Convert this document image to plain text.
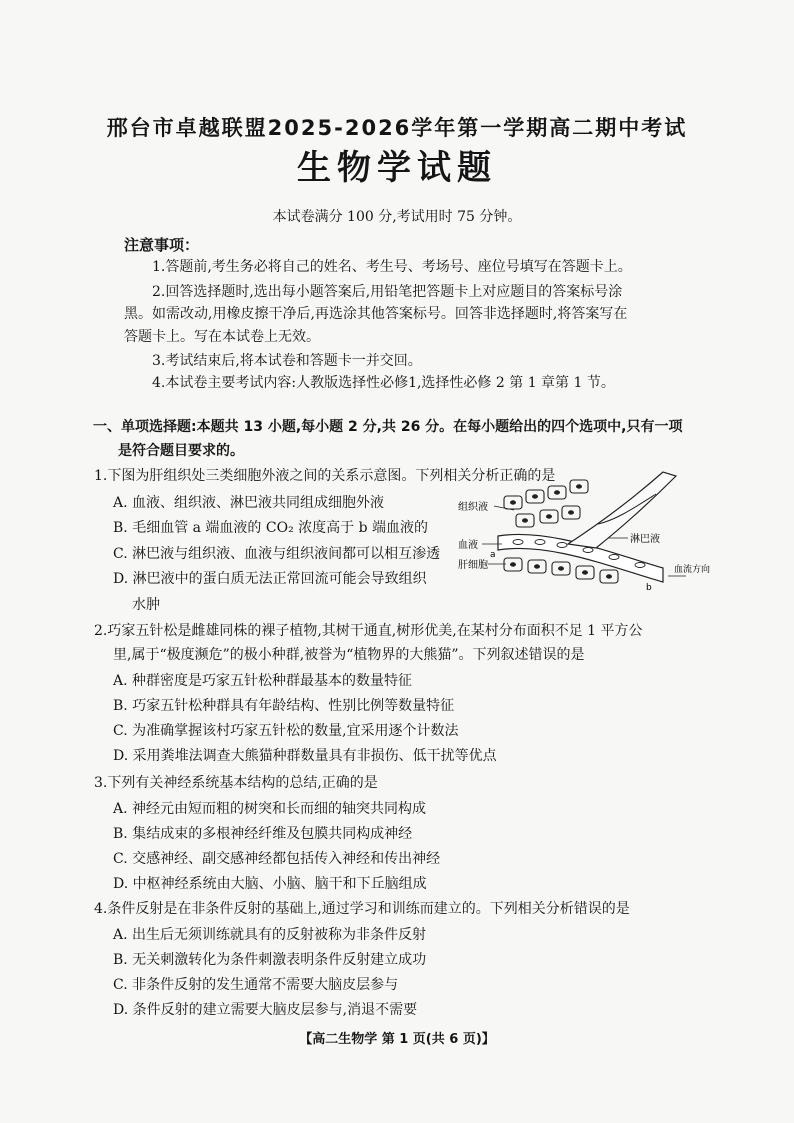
邢台市卓越联盟2025-2026学年第一学期高二期中考试
生物学试题
本试卷满分 100 分,考试用时 75 分钟。
注意事项：
1.答题前,考生务必将自己的姓名、考生号、考场号、座位号填写在答题卡上。
2.回答选择题时,选出每小题答案后,用铅笔把答题卡上对应题目的答案标号涂
黑。如需改动,用橡皮擦干净后,再选涂其他答案标号。回答非选择题时,将答案写在
答题卡上。写在本试卷上无效。
3.考试结束后,将本试卷和答题卡一并交回。
4.本试卷主要考试内容:人教版选择性必修1,选择性必修 2 第 1 章第 1 节。
一、单项选择题:本题共 13 小题,每小题 2 分,共 26 分。在每小题给出的四个选项中,只有一项
是符合题目要求的。
1.下图为肝组织处三类细胞外液之间的关系示意图。下列相关分析正确的是
A. 血液、组织液、淋巴液共同组成细胞外液
B. 毛细血管 a 端血液的 CO₂ 浓度高于 b 端血液的
C. 淋巴液与组织液、血液与组织液间都可以相互渗透
D. 淋巴液中的蛋白质无法正常回流可能会导致组织
水肿
组织液
血液
a
淋巴液
肝细胞
b
血流方向
2.巧家五针松是雌雄同株的裸子植物,其树干通直,树形优美,在某村分布面积不足 1 平方公
里,属于“极度濒危”的极小种群,被誉为“植物界的大熊猫”。下列叙述错误的是
A. 种群密度是巧家五针松种群最基本的数量特征
B. 巧家五针松种群具有年龄结构、性别比例等数量特征
C. 为准确掌握该村巧家五针松的数量,宜采用逐个计数法
D. 采用粪堆法调查大熊猫种群数量具有非损伤、低干扰等优点
3.下列有关神经系统基本结构的总结,正确的是
A. 神经元由短而粗的树突和长而细的轴突共同构成
B. 集结成束的多根神经纤维及包膜共同构成神经
C. 交感神经、副交感神经都包括传入神经和传出神经
D. 中枢神经系统由大脑、小脑、脑干和下丘脑组成
4.条件反射是在非条件反射的基础上,通过学习和训练而建立的。下列相关分析错误的是
A. 出生后无须训练就具有的反射被称为非条件反射
B. 无关刺激转化为条件刺激表明条件反射建立成功
C. 非条件反射的发生通常不需要大脑皮层参与
D. 条件反射的建立需要大脑皮层参与,消退不需要
【高二生物学 第 1 页(共 6 页)】
